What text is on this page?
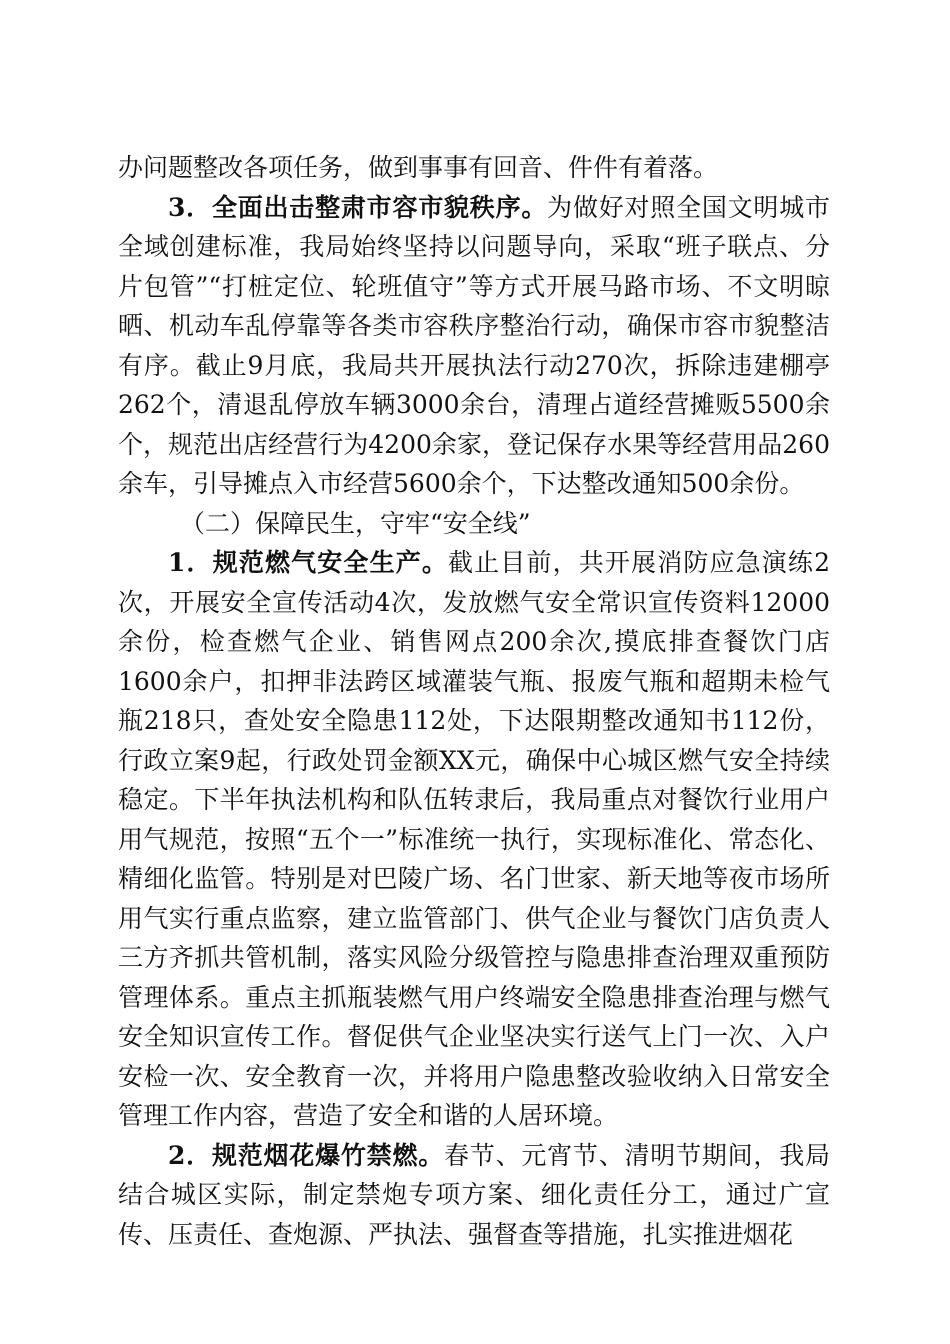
办问题整改各项任务，做到事事有回音、件件有着落。

3．全面出击整肃市容市貌秩序。为做好对照全国文明城市全域创建标准，我局始终坚持以问题导向，采取“班子联点、分片包管”“打桩定位、轮班值守”等方式开展马路市场、不文明晾晒、机动车乱停靠等各类市容秩序整治行动，确保市容市貌整洁有序。截止9月底，我局共开展执法行动270次，拆除违建棚亭262个，清退乱停放车辆3000余台，清理占道经营摊贩5500余个，规范出店经营行为4200余家，登记保存水果等经营用品260余车，引导摊点入市经营5600余个，下达整改通知500余份。

（二）保障民生，守牢“安全线”

1．规范燃气安全生产。截止目前，共开展消防应急演练2次，开展安全宣传活动4次，发放燃气安全常识宣传资料12000余份，检查燃气企业、销售网点200余次,摸底排查餐饮门店1600余户，扣押非法跨区域灌装气瓶、报废气瓶和超期未检气瓶218只，查处安全隐患112处，下达限期整改通知书112份，行政立案9起，行政处罚金额XX元，确保中心城区燃气安全持续稳定。下半年执法机构和队伍转隶后，我局重点对餐饮行业用户用气规范，按照“五个一”标准统一执行，实现标准化、常态化、精细化监管。特别是对巴陵广场、名门世家、新天地等夜市场所用气实行重点监察，建立监管部门、供气企业与餐饮门店负责人三方齐抓共管机制，落实风险分级管控与隐患排查治理双重预防管理体系。重点主抓瓶装燃气用户终端安全隐患排查治理与燃气安全知识宣传工作。督促供气企业坚决实行送气上门一次、入户安检一次、安全教育一次，并将用户隐患整改验收纳入日常安全管理工作内容，营造了安全和谐的人居环境。

2．规范烟花爆竹禁燃。春节、元宵节、清明节期间，我局结合城区实际，制定禁炮专项方案、细化责任分工，通过广宣传、压责任、查炮源、严执法、强督查等措施，扎实推进烟花
